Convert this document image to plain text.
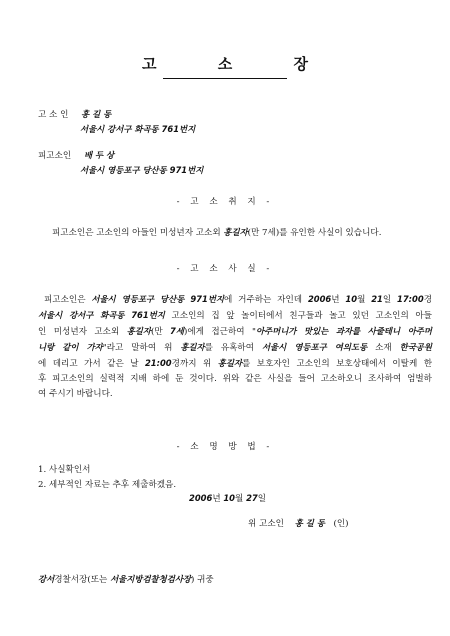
고 소 장
고 소 인 홍 길 동
서울시 강서구 화곡동 761번지
피고소인 배 두 상
서울시 영등포구 당산동 971번지
- 고 소 취 지 -
피고소인은 고소인의 아들인 미성년자 고소외 홍길자(만 7세)를 유인한 사실이 있습니다.
- 고 소 사 실 -
피고소인은 서울시 영등포구 당산동 971번지에 거주하는 자인데 2006년 10월 21일 17:00경
서울시 강서구 화곡동 761번지 고소인의 집 앞 놀이터에서 친구들과 놀고 있던 고소인의 아들
인 미성년자 고소외 홍길자(만 7세)에게 접근하여 "아주머니가 맛있는 과자를 사줄테니 아주머
니랑 같이 가자"라고 말하여 위 홍길자를 유혹하여 서울시 영등포구 여의도동 소재 한국공원
에 데리고 가서 같은 날 21:00경까지 위 홍길자를 보호자인 고소인의 보호상태에서 이탈케 한
후 피고소인의 실력적 지배 하에 둔 것이다. 위와 같은 사실을 들어 고소하오니 조사하여 엄벌하
여 주시기 바랍니다.
- 소 명 방 법 -
1. 사실확인서
2. 세부적인 자료는 추후 제출하겠음.
2006년 10월 27일
위 고소인 홍 길 동 (인)
강서경찰서장(또는 서울지방검찰청검사장) 귀중
